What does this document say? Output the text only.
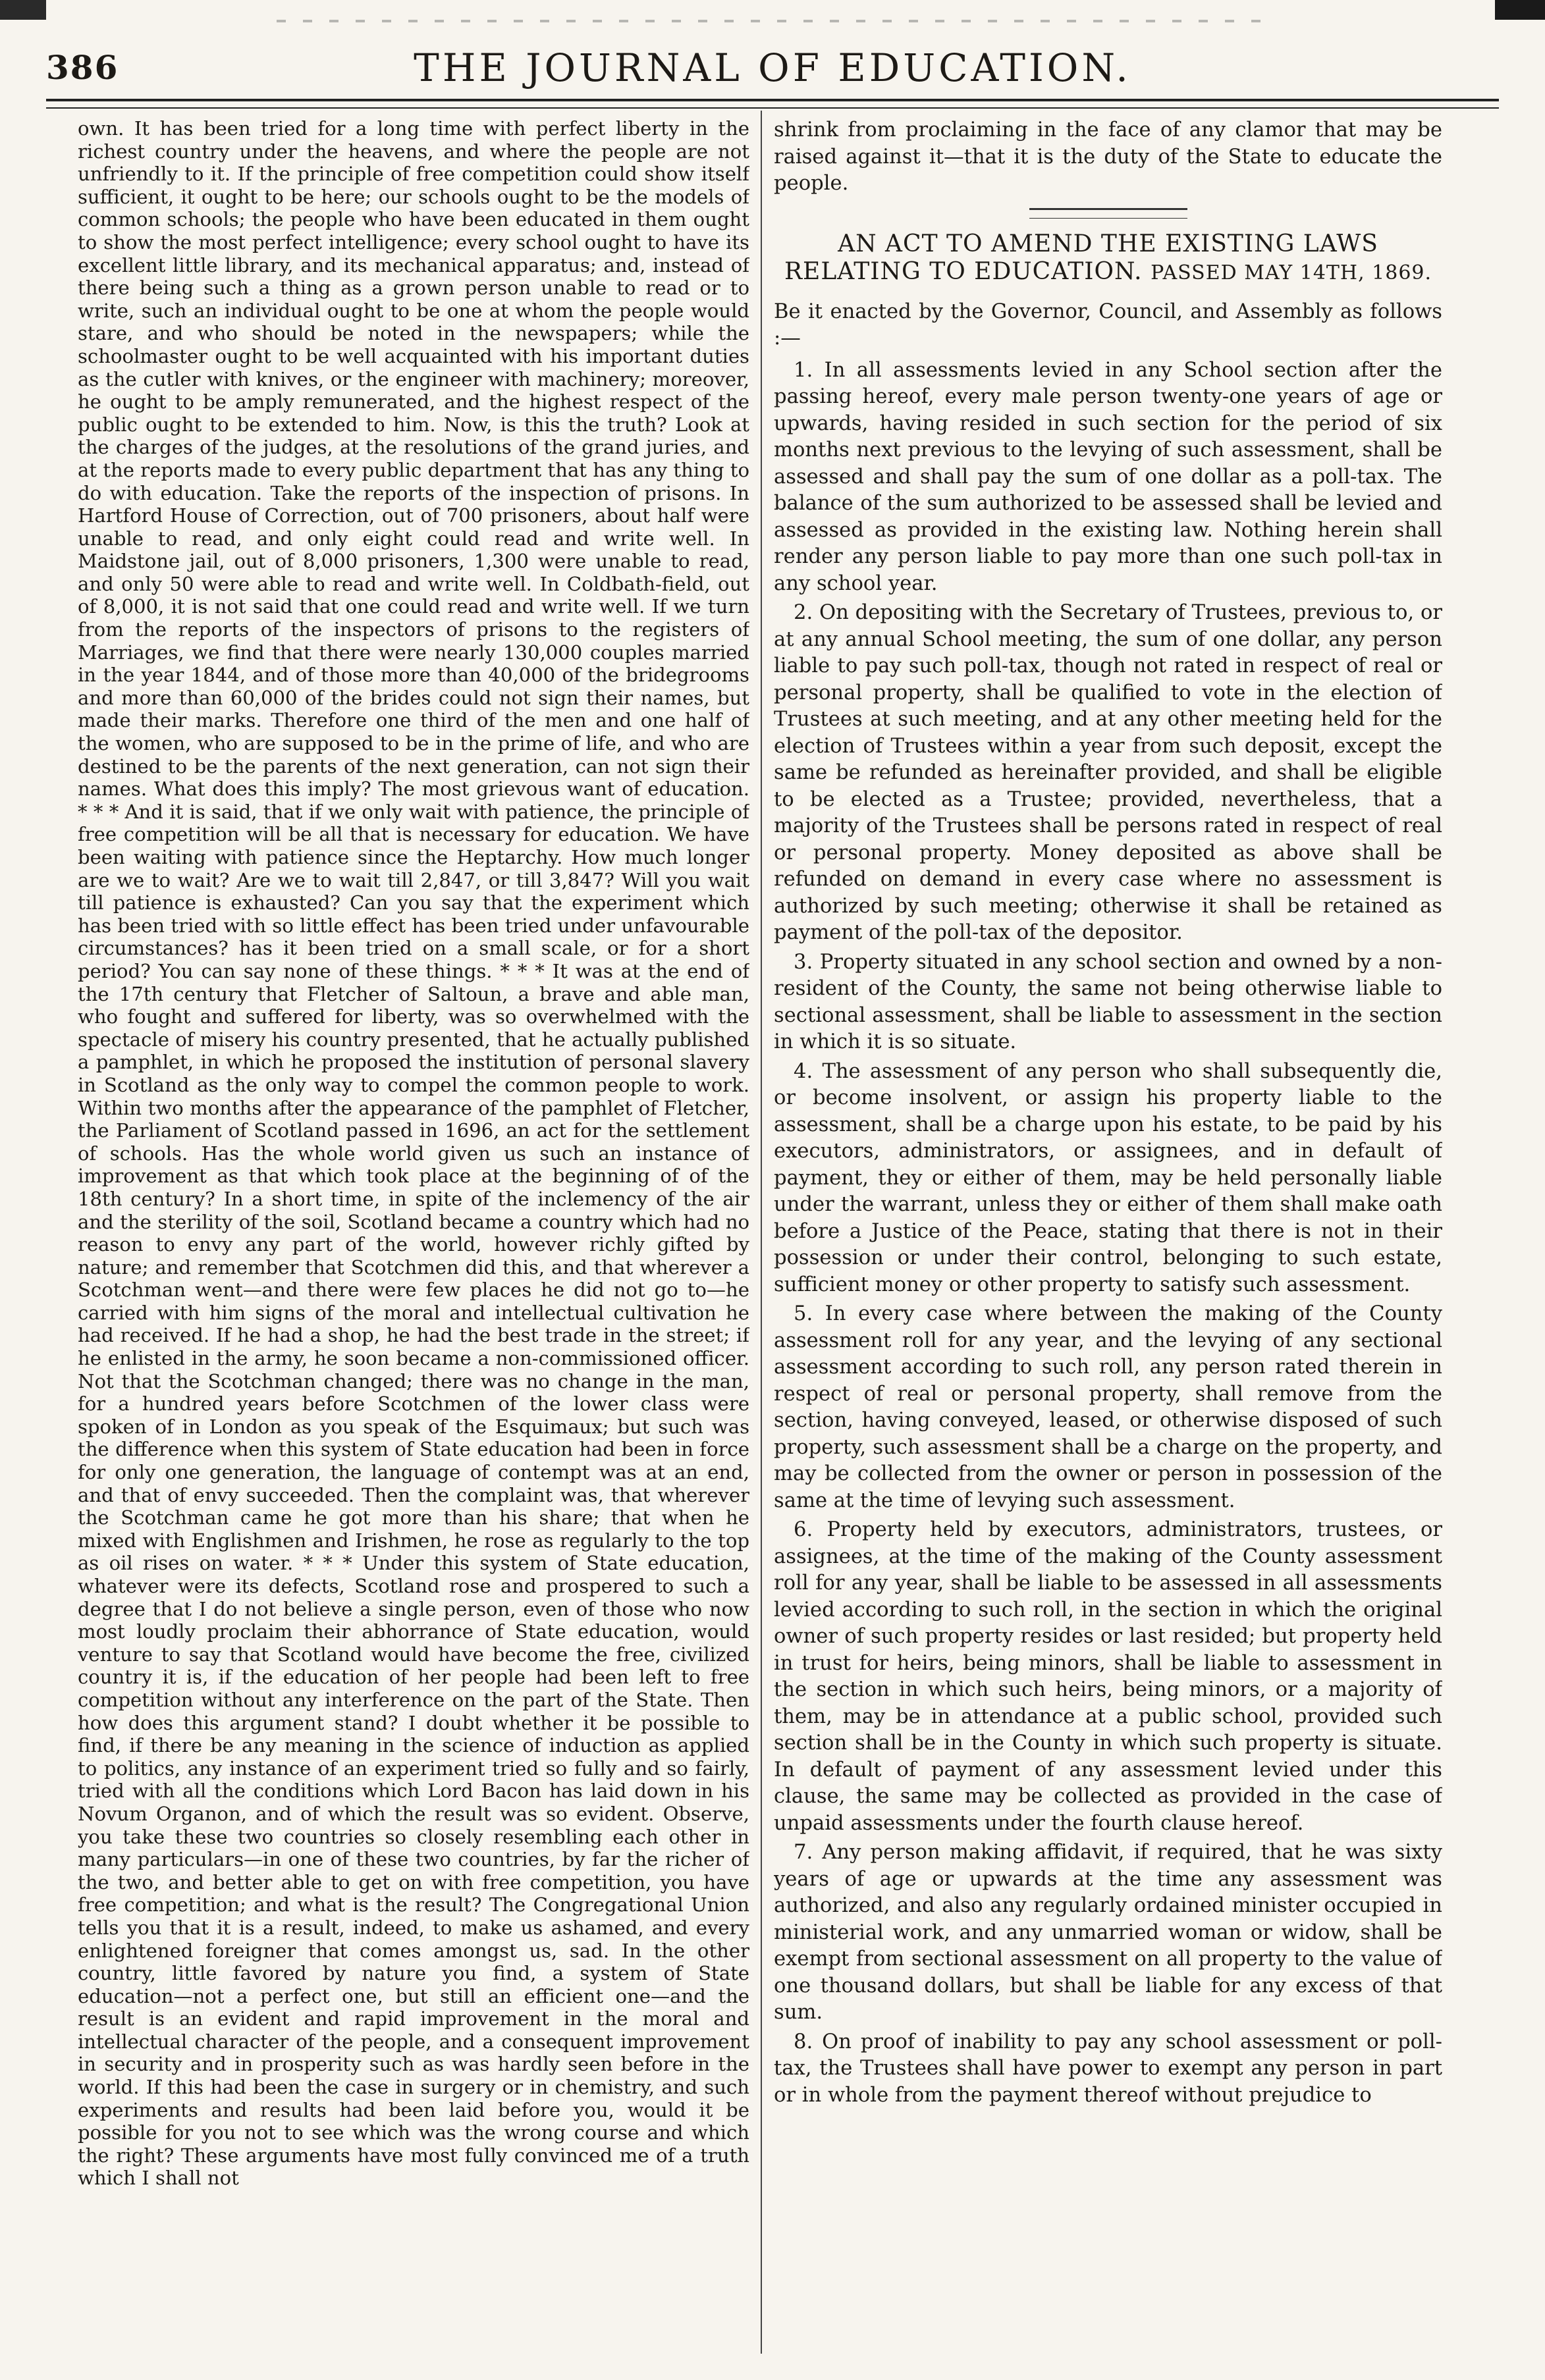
386	THE JOURNAL OF EDUCATION.

own. It has been tried for a long time with perfect liberty in the richest country under the heavens, and where the people are not unfriendly to it. If the principle of free competition could show itself sufficient, it ought to be here; our schools ought to be the models of common schools; the people who have been educated in them ought to show the most perfect intelligence; every school ought to have its excellent little library, and its mechanical apparatus; and, instead of there being such a thing as a grown person unable to read or to write, such an individual ought to be one at whom the people would stare, and who should be noted in the newspapers; while the schoolmaster ought to be well acquainted with his important duties as the cutler with knives, or the engineer with machinery; moreover, he ought to be amply remunerated, and the highest respect of the public ought to be extended to him. Now, is this the truth? Look at the charges of the judges, at the resolutions of the grand juries, and at the reports made to every public department that has any thing to do with education. Take the reports of the inspection of prisons. In Hartford House of Correction, out of 700 prisoners, about half were unable to read, and only eight could read and write well. In Maidstone jail, out of 8,000 prisoners, 1,300 were unable to read, and only 50 were able to read and write well. In Coldbath-field, out of 8,000, it is not said that one could read and write well. If we turn from the reports of the inspectors of prisons to the registers of Marriages, we find that there were nearly 130,000 couples married in the year 1844, and of those more than 40,000 of the bridegrooms and more than 60,000 of the brides could not sign their names, but made their marks. Therefore one third of the men and one half of the women, who are supposed to be in the prime of life, and who are destined to be the parents of the next generation, can not sign their names. What does this imply? The most grievous want of education. * * * And it is said, that if we only wait with patience, the principle of free competition will be all that is necessary for education. We have been waiting with patience since the Heptarchy. How much longer are we to wait? Are we to wait till 2,847, or till 3,847? Will you wait till patience is exhausted? Can you say that the experiment which has been tried with so little effect has been tried under unfavourable circumstances? has it been tried on a small scale, or for a short period? You can say none of these things. * * * It was at the end of the 17th century that Fletcher of Saltoun, a brave and able man, who fought and suffered for liberty, was so overwhelmed with the spectacle of misery his country presented, that he actually published a pamphlet, in which he proposed the institution of personal slavery in Scotland as the only way to compel the common people to work. Within two months after the appearance of the pamphlet of Fletcher, the Parliament of Scotland passed in 1696, an act for the settlement of schools. Has the whole world given us such an instance of improvement as that which took place at the beginning of of the 18th century? In a short time, in spite of the inclemency of the air and the sterility of the soil, Scotland became a country which had no reason to envy any part of the world, however richly gifted by nature; and remember that Scotchmen did this, and that wherever a Scotchman went—and there were few places he did not go to—he carried with him signs of the moral and intellectual cultivation he had received. If he had a shop, he had the best trade in the street; if he enlisted in the army, he soon became a non-commissioned officer. Not that the Scotchman changed; there was no change in the man, for a hundred years before Scotchmen of the lower class were spoken of in London as you speak of the Esquimaux; but such was the difference when this system of State education had been in force for only one generation, the language of contempt was at an end, and that of envy succeeded. Then the complaint was, that wherever the Scotchman came he got more than his share; that when he mixed with Englishmen and Irishmen, he rose as regularly to the top as oil rises on water. * * * Under this system of State education, whatever were its defects, Scotland rose and prospered to such a degree that I do not believe a single person, even of those who now most loudly proclaim their abhorrance of State education, would venture to say that Scotland would have become the free, civilized country it is, if the education of her people had been left to free competition without any interference on the part of the State. Then how does this argument stand? I doubt whether it be possible to find, if there be any meaning in the science of induction as applied to politics, any instance of an experiment tried so fully and so fairly, tried with all the conditions which Lord Bacon has laid down in his Novum Organon, and of which the result was so evident. Observe, you take these two countries so closely resembling each other in many particulars—in one of these two countries, by far the richer of the two, and better able to get on with free competition, you have free competition; and what is the result? The Congregational Union tells you that it is a result, indeed, to make us ashamed, and every enlightened foreigner that comes amongst us, sad. In the other country, little favored by nature you find, a system of State education—not a perfect one, but still an efficient one—and the result is an evident and rapid improvement in the moral and intellectual character of the people, and a consequent improvement in security and in prosperity such as was hardly seen before in the world. If this had been the case in surgery or in chemistry, and such experiments and results had been laid before you, would it be possible for you not to see which was the wrong course and which the right? These arguments have most fully convinced me of a truth which I shall not

shrink from proclaiming in the face of any clamor that may be raised against it—that it is the duty of the State to educate the people.

AN ACT TO AMEND THE EXISTING LAWS RELATING TO EDUCATION. PASSED MAY 14TH, 1869.

Be it enacted by the Governor, Council, and Assembly as follows :—

1. In all assessments levied in any School section after the passing hereof, every male person twenty-one years of age or upwards, having resided in such section for the period of six months next previous to the levying of such assessment, shall be assessed and shall pay the sum of one dollar as a poll-tax. The balance of the sum authorized to be assessed shall be levied and assessed as provided in the existing law. Nothing herein shall render any person liable to pay more than one such poll-tax in any school year.

2. On depositing with the Secretary of Trustees, previous to, or at any annual School meeting, the sum of one dollar, any person liable to pay such poll-tax, though not rated in respect of real or personal property, shall be qualified to vote in the election of Trustees at such meeting, and at any other meeting held for the election of Trustees within a year from such deposit, except the same be refunded as hereinafter provided, and shall be eligible to be elected as a Trustee; provided, nevertheless, that a majority of the Trustees shall be persons rated in respect of real or personal property. Money deposited as above shall be refunded on demand in every case where no assessment is authorized by such meeting; otherwise it shall be retained as payment of the poll-tax of the depositor.

3. Property situated in any school section and owned by a non-resident of the County, the same not being otherwise liable to sectional assessment, shall be liable to assessment in the section in which it is so situate.

4. The assessment of any person who shall subsequently die, or become insolvent, or assign his property liable to the assessment, shall be a charge upon his estate, to be paid by his executors, administrators, or assignees, and in default of payment, they or either of them, may be held personally liable under the warrant, unless they or either of them shall make oath before a Justice of the Peace, stating that there is not in their possession or under their control, belonging to such estate, sufficient money or other property to satisfy such assessment.

5. In every case where between the making of the County assessment roll for any year, and the levying of any sectional assessment according to such roll, any person rated therein in respect of real or personal property, shall remove from the section, having conveyed, leased, or otherwise disposed of such property, such assessment shall be a charge on the property, and may be collected from the owner or person in possession of the same at the time of levying such assessment.

6. Property held by executors, administrators, trustees, or assignees, at the time of the making of the County assessment roll for any year, shall be liable to be assessed in all assessments levied according to such roll, in the section in which the original owner of such property resides or last resided; but property held in trust for heirs, being minors, shall be liable to assessment in the section in which such heirs, being minors, or a majority of them, may be in attendance at a public school, provided such section shall be in the County in which such property is situate. In default of payment of any assessment levied under this clause, the same may be collected as provided in the case of unpaid assessments under the fourth clause hereof.

7. Any person making affidavit, if required, that he was sixty years of age or upwards at the time any assessment was authorized, and also any regularly ordained minister occupied in ministerial work, and any unmarried woman or widow, shall be exempt from sectional assessment on all property to the value of one thousand dollars, but shall be liable for any excess of that sum.

8. On proof of inability to pay any school assessment or poll-tax, the Trustees shall have power to exempt any person in part or in whole from the payment thereof without prejudice to
